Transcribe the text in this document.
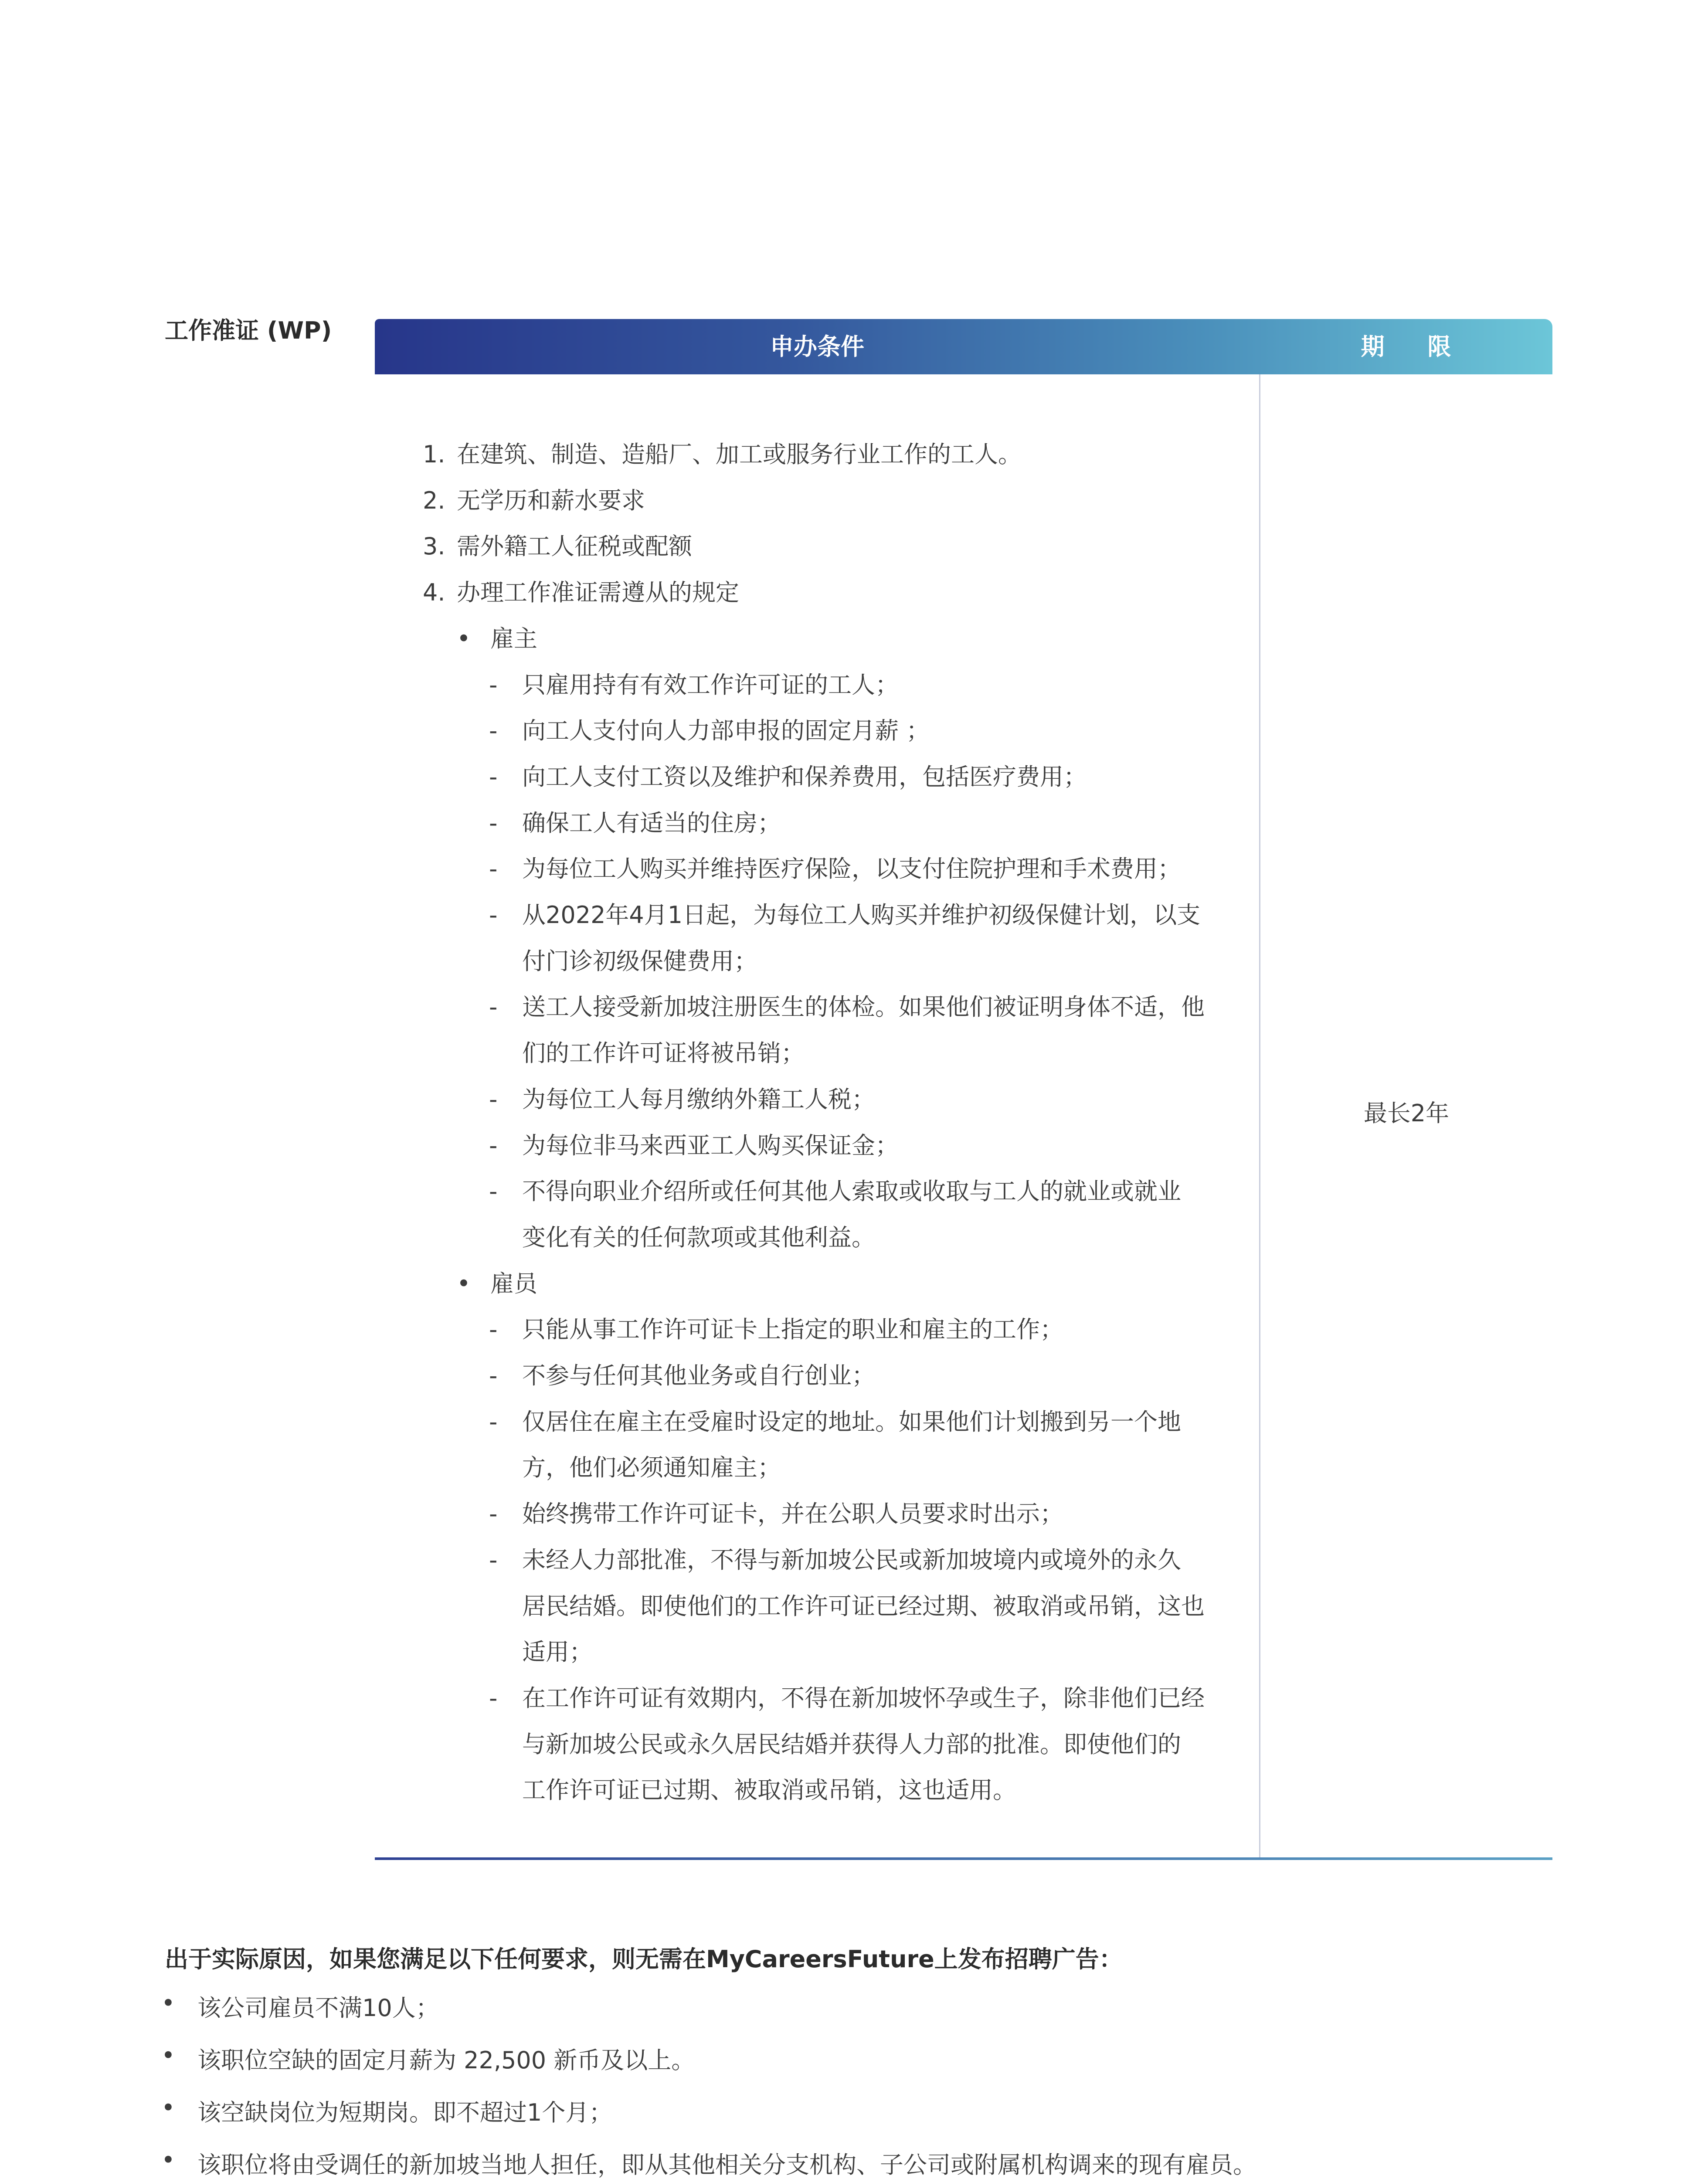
工作准证 (WP)
申办条件	期 限
1. 在建筑、制造、造船厂、加工或服务行业工作的工人。
2. 无学历和薪水要求
3. 需外籍工人征税或配额
4. 办理工作准证需遵从的规定
• 雇主
- 只雇用持有有效工作许可证的工人；
- 向工人支付向人力部申报的固定月薪 ；
- 向工人支付工资以及维护和保养费用，包括医疗费用；
- 确保工人有适当的住房；
- 为每位工人购买并维持医疗保险，以支付住院护理和手术费用；
- 从2022年4月1日起，为每位工人购买并维护初级保健计划，以支
付门诊初级保健费用；
- 送工人接受新加坡注册医生的体检。如果他们被证明身体不适，他
们的工作许可证将被吊销；
- 为每位工人每月缴纳外籍工人税；
- 为每位非马来西亚工人购买保证金；
- 不得向职业介绍所或任何其他人索取或收取与工人的就业或就业
变化有关的任何款项或其他利益。
• 雇员
- 只能从事工作许可证卡上指定的职业和雇主的工作；
- 不参与任何其他业务或自行创业；
- 仅居住在雇主在受雇时设定的地址。如果他们计划搬到另一个地
方，他们必须通知雇主；
- 始终携带工作许可证卡，并在公职人员要求时出示；
- 未经人力部批准，不得与新加坡公民或新加坡境内或境外的永久
居民结婚。即使他们的工作许可证已经过期、被取消或吊销，这也
适用；
- 在工作许可证有效期内，不得在新加坡怀孕或生子，除非他们已经
与新加坡公民或永久居民结婚并获得人力部的批准。即使他们的
工作许可证已过期、被取消或吊销，这也适用。
最长2年
出于实际原因，如果您满足以下任何要求，则无需在MyCareersFuture上发布招聘广告：
• 该公司雇员不满10人；
• 该职位空缺的固定月薪为 22,500 新币及以上。
• 该空缺岗位为短期岗。即不超过1个月；
• 该职位将由受调任的新加坡当地人担任，即从其他相关分支机构、子公司或附属机构调来的现有雇员。
